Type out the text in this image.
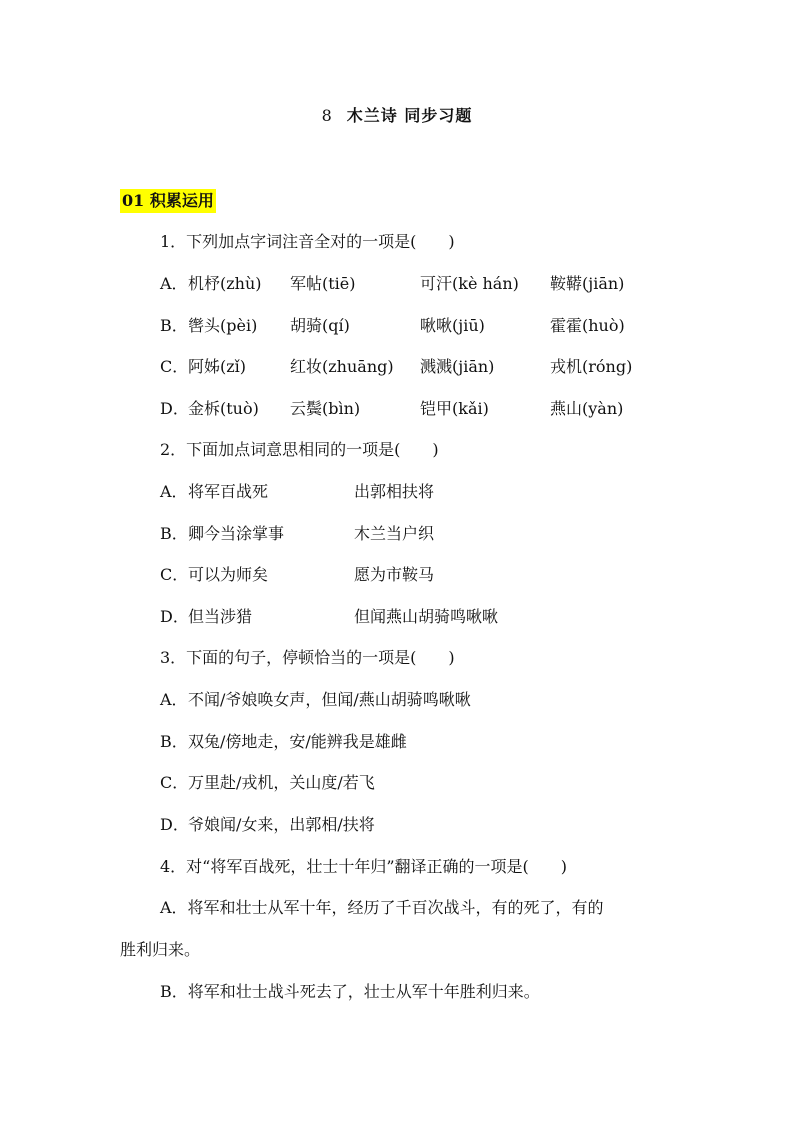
8 木兰诗 同步习题
01 积累运用
1．下列加点字词注音全对的一项是(　　)
A． 机杼(zhù) 军帖(tiē)	可汗(kè hán) 鞍鞯(jiān)
B． 辔头(pèi) 胡骑(qí)	啾啾(jiū)	霍霍(huò)
C． 阿姊(zǐ)	红妆(zhuāng) 溅溅(jiān)	戎机(róng)
D． 金柝(tuò) 云鬓(bìn)	铠甲(kǎi)	燕山(yàn)
2．下面加点词意思相同的一项是(　　)
A． 将军百战死	出郭相扶将
B． 卿今当涂掌事	木兰当户织
C． 可以为师矣	愿为市鞍马
D． 但当涉猎	但闻燕山胡骑鸣啾啾
3．下面的句子，停顿恰当的一项是(　　)
A． 不闻/爷娘唤女声，但闻/燕山胡骑鸣啾啾
B． 双兔/傍地走，安/能辨我是雄雌
C． 万里赴/戎机，关山度/若飞
D． 爷娘闻/女来，出郭相/扶将
4．对“将军百战死，壮士十年归”翻译正确的一项是(　　)
A．将军和壮士从军十年，经历了千百次战斗，有的死了，有的
胜利归来。
B．将军和壮士战斗死去了，壮士从军十年胜利归来。
